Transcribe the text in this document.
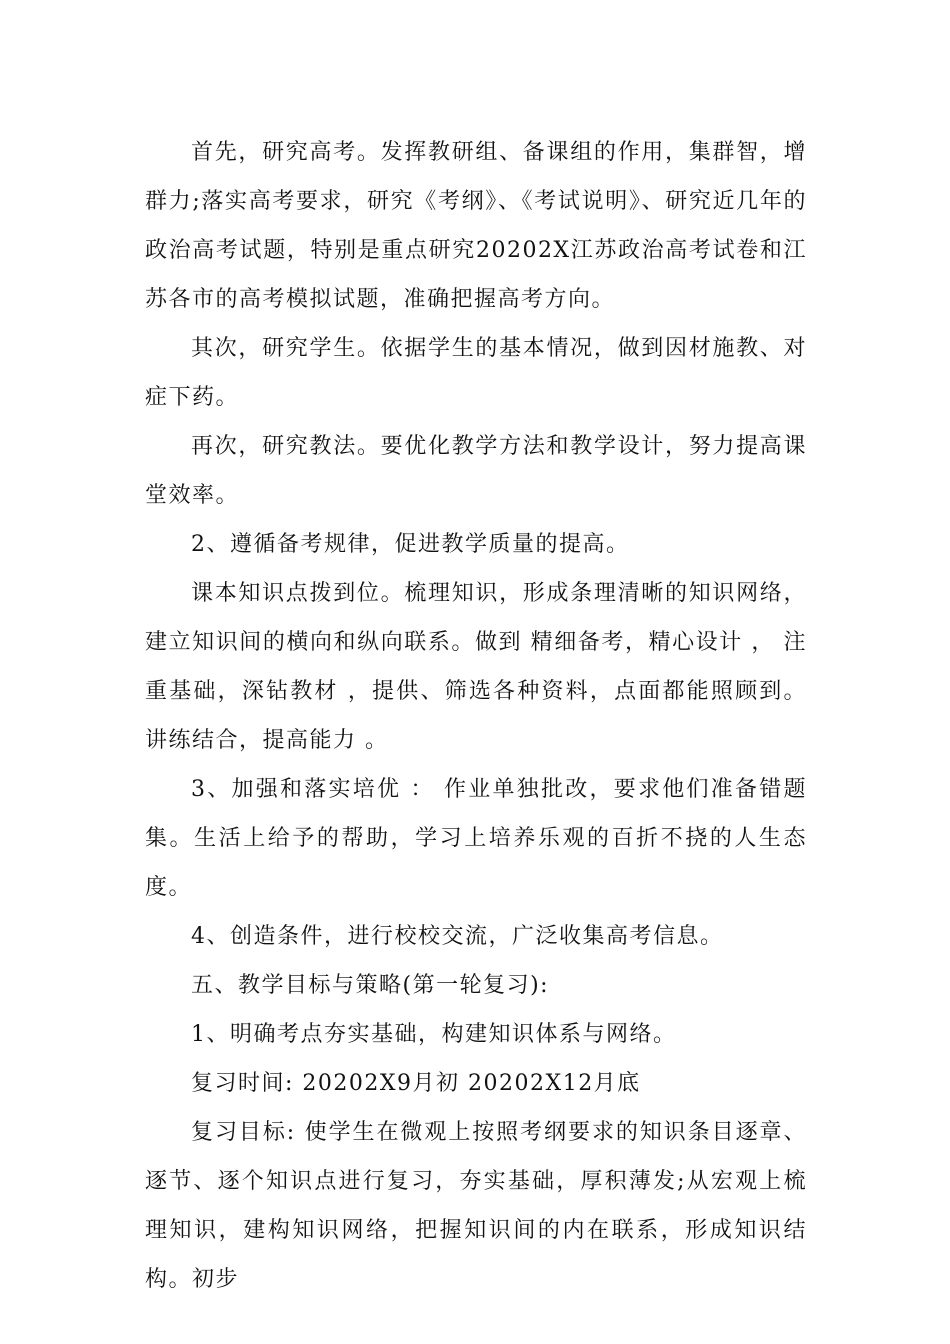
首先，研究高考。发挥教研组、备课组的作用，集群智，增群力;落实高考要求，研究《考纲》、《考试说明》、研究近几年的政治高考试题，特别是重点研究20202X江苏政治高考试卷和江苏各市的高考模拟试题，准确把握高考方向。

其次，研究学生。依据学生的基本情况，做到因材施教、对症下药。

再次，研究教法。要优化教学方法和教学设计，努力提高课堂效率。

2、遵循备考规律，促进教学质量的提高。

课本知识点拨到位。梳理知识，形成条理清晰的知识网络，建立知识间的横向和纵向联系。做到 精细备考，精心设计 ， 注重基础，深钻教材 ，提供、筛选各种资料，点面都能照顾到。 讲练结合，提高能力 。

3、加强和落实培优 ： 作业单独批改，要求他们准备错题集。生活上给予的帮助，学习上培养乐观的百折不挠的人生态度。

4、创造条件，进行校校交流，广泛收集高考信息。

五、教学目标与策略(第一轮复习):

1、明确考点夯实基础，构建知识体系与网络。

复习时间: 20202X9月初 20202X12月底

复习目标: 使学生在微观上按照考纲要求的知识条目逐章、逐节、逐个知识点进行复习，夯实基础，厚积薄发;从宏观上梳理知识，建构知识网络，把握知识间的内在联系，形成知识结构。初步
